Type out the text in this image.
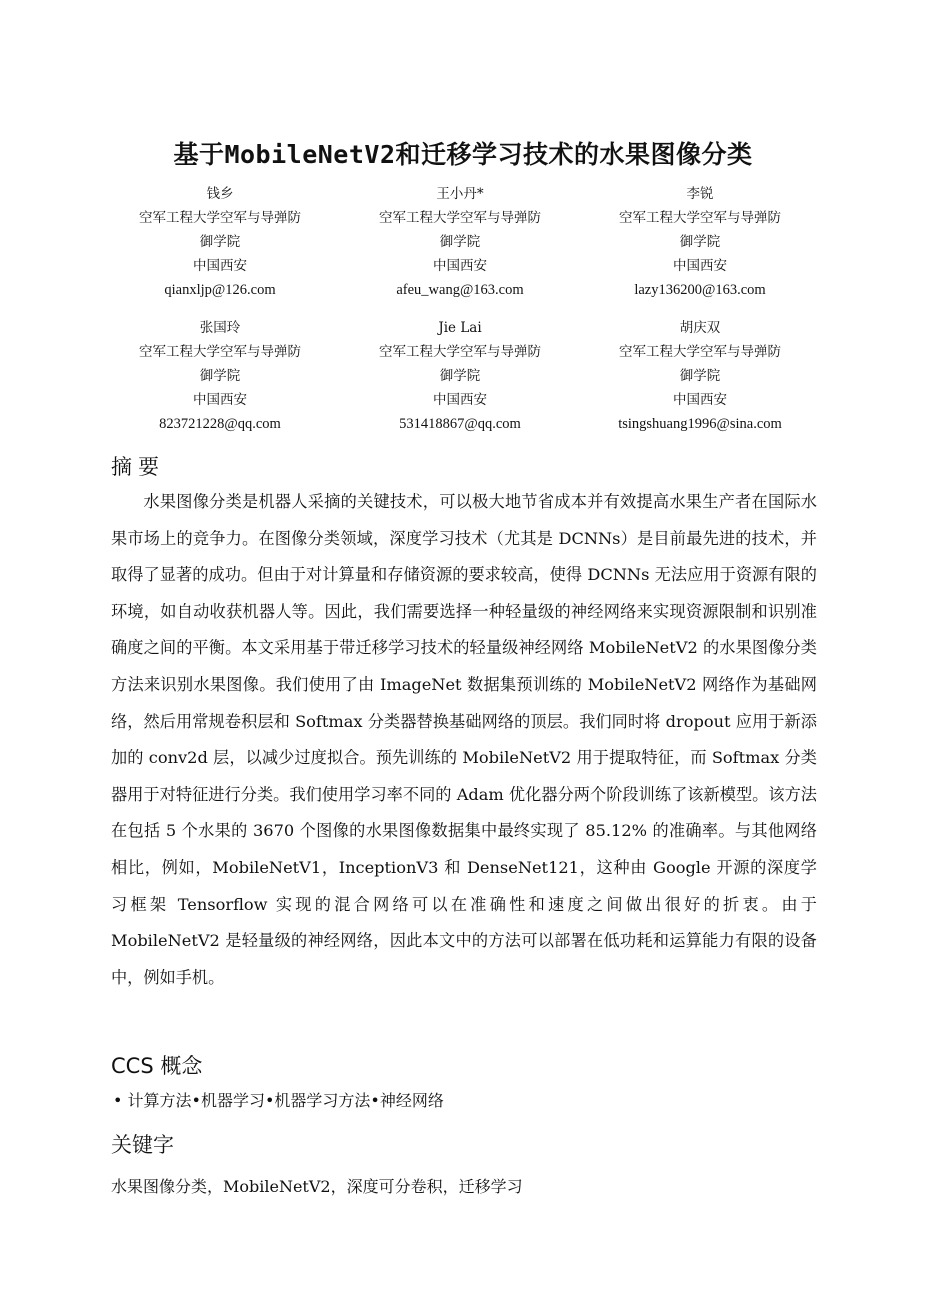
基于MobileNetV2和迁移学习技术的水果图像分类
钱乡
空军工程大学空军与导弹防
御学院
中国西安
qianxljp@126.com
王小丹*
空军工程大学空军与导弹防
御学院
中国西安
afeu_wang@163.com
李锐
空军工程大学空军与导弹防
御学院
中国西安
lazy136200@163.com
张国玲
空军工程大学空军与导弹防
御学院
中国西安
823721228@qq.com
Jie Lai
空军工程大学空军与导弹防
御学院
中国西安
531418867@qq.com
胡庆双
空军工程大学空军与导弹防
御学院
中国西安
tsingshuang1996@sina.com
摘要

水果图像分类是机器人采摘的关键技术，可以极大地节省成本并有效提高水果生产者在国际水果市场上的竞争力。在图像分类领域，深度学习技术（尤其是 DCNNs）是目前最先进的技术，并取得了显著的成功。但由于对计算量和存储资源的要求较高，使得 DCNNs 无法应用于资源有限的环境，如自动收获机器人等。因此，我们需要选择一种轻量级的神经网络来实现资源限制和识别准确度之间的平衡。本文采用基于带迁移学习技术的轻量级神经网络 MobileNetV2 的水果图像分类方法来识别水果图像。我们使用了由 ImageNet 数据集预训练的 MobileNetV2 网络作为基础网络，然后用常规卷积层和 Softmax 分类器替换基础网络的顶层。我们同时将 dropout 应用于新添加的 conv2d 层，以减少过度拟合。预先训练的 MobileNetV2 用于提取特征，而 Softmax 分类器用于对特征进行分类。我们使用学习率不同的 Adam 优化器分两个阶段训练了该新模型。该方法在包括 5 个水果的 3670 个图像的水果图像数据集中最终实现了 85.12% 的准确率。与其他网络相比，例如，MobileNetV1，InceptionV3 和 DenseNet121，这种由 Google 开源的深度学习框架 Tensorflow 实现的混合网络可以在准确性和速度之间做出很好的折衷。由于 MobileNetV2 是轻量级的神经网络，因此本文中的方法可以部署在低功耗和运算能力有限的设备中，例如手机。

CCS 概念
• 计算方法•机器学习•机器学习方法•神经网络
关键字
水果图像分类，MobileNetV2，深度可分卷积，迁移学习
